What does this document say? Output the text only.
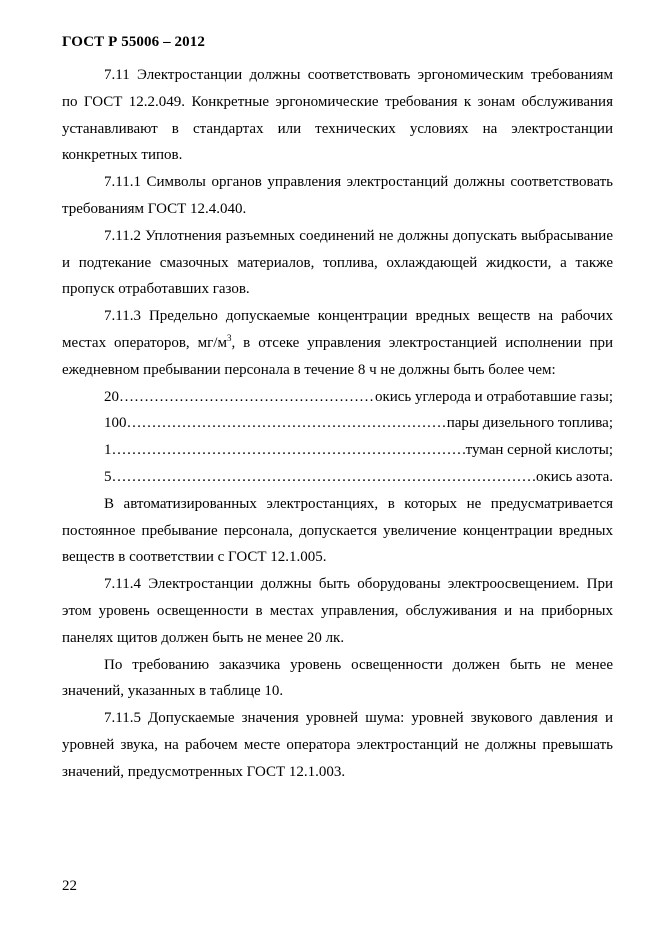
ГОСТ Р 55006 – 2012

7.11 Электростанции должны соответствовать эргономическим требованиям по ГОСТ 12.2.049. Конкретные эргономические требования к зонам обслуживания устанавливают в стандартах или технических условиях на электростанции конкретных типов.

7.11.1 Символы органов управления электростанций должны соответствовать требованиям ГОСТ 12.4.040.

7.11.2 Уплотнения разъемных соединений не должны допускать выбрасывание и подтекание смазочных материалов, топлива, охлаждающей жидкости, а также пропуск отработавших газов.

7.11.3 Предельно допускаемые концентрации вредных веществ на рабочих местах операторов, $мг/м^3$, в отсеке управления электростанцией исполнении при ежедневном пребывании персонала в течение 8 ч не должны быть более чем:

20 ………………………………………………………………………………………………………………………………………………………………	окись углерода и отработавшие газы;
100 ………………………………………………………………………………………………………………………………………………………………	пары дизельного топлива;
1 ………………………………………………………………………………………………………………………………………………………………	туман серной кислоты;
5 ………………………………………………………………………………………………………………………………………………………………	окись азота.

В автоматизированных электростанциях, в которых не предусматривается постоянное пребывание персонала, допускается увеличение концентрации вредных веществ в соответствии с ГОСТ 12.1.005.

7.11.4 Электростанции должны быть оборудованы электроосвещением. При этом уровень освещенности в местах управления, обслуживания и на приборных панелях щитов должен быть не менее 20 лк.

По требованию заказчика уровень освещенности должен быть не менее значений, указанных в таблице 10.

7.11.5 Допускаемые значения уровней шума: уровней звукового давления и уровней звука, на рабочем месте оператора электростанций не должны превышать значений, предусмотренных ГОСТ 12.1.003.

22
